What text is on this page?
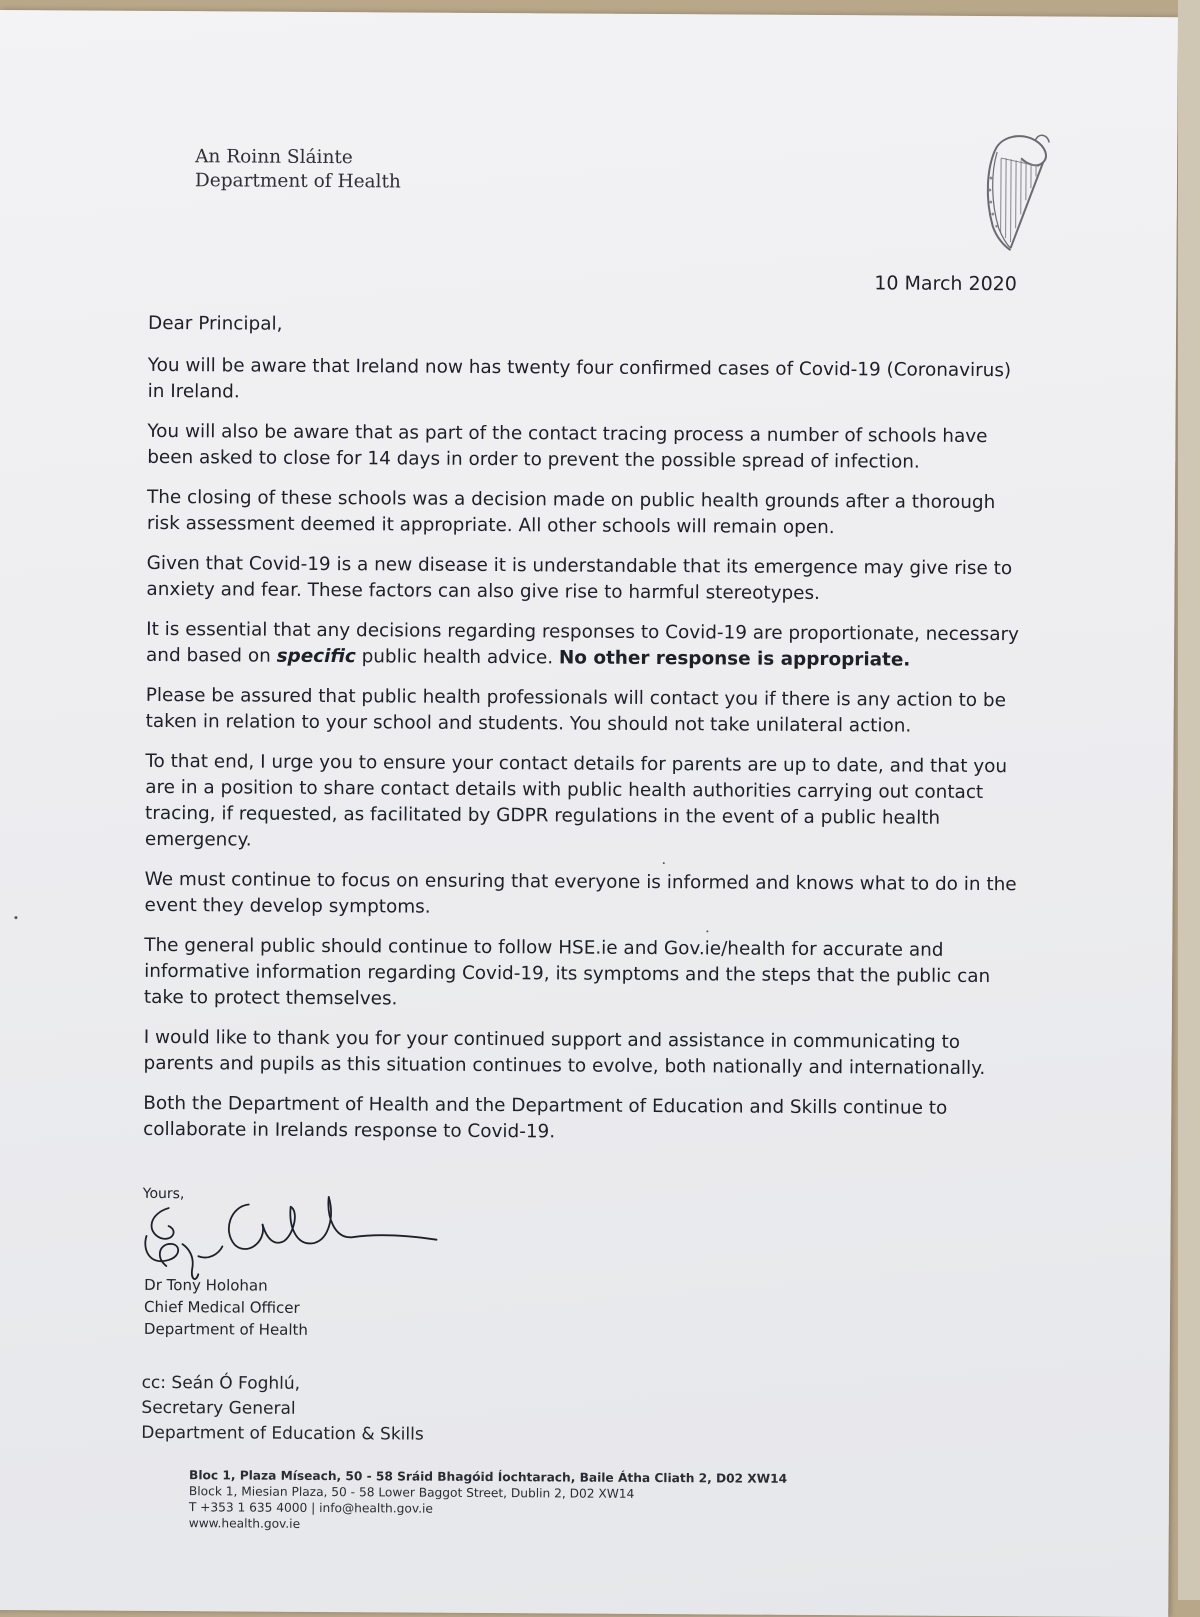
An Roinn Sláinte
Department of Health
10 March 2020

Dear Principal,

You will be aware that Ireland now has twenty four confirmed cases of Covid-19 (Coronavirus) in Ireland.

You will also be aware that as part of the contact tracing process a number of schools have been asked to close for 14 days in order to prevent the possible spread of infection.

The closing of these schools was a decision made on public health grounds after a thorough risk assessment deemed it appropriate. All other schools will remain open.

Given that Covid-19 is a new disease it is understandable that its emergence may give rise to anxiety and fear. These factors can also give rise to harmful stereotypes.

It is essential that any decisions regarding responses to Covid-19 are proportionate, necessary and based on specific public health advice. No other response is appropriate.

Please be assured that public health professionals will contact you if there is any action to be taken in relation to your school and students. You should not take unilateral action.

To that end, I urge you to ensure your contact details for parents are up to date, and that you are in a position to share contact details with public health authorities carrying out contact tracing, if requested, as facilitated by GDPR regulations in the event of a public health emergency.

We must continue to focus on ensuring that everyone is informed and knows what to do in the event they develop symptoms.

The general public should continue to follow HSE.ie and Gov.ie/health for accurate and informative information regarding Covid-19, its symptoms and the steps that the public can take to protect themselves.

I would like to thank you for your continued support and assistance in communicating to parents and pupils as this situation continues to evolve, both nationally and internationally.

Both the Department of Health and the Department of Education and Skills continue to collaborate in Irelands response to Covid-19.

Yours,
Dr Tony Holohan
Chief Medical Officer
Department of Health
cc: Seán Ó Foghlú,
Secretary General
Department of Education & Skills
Bloc 1, Plaza Míseach, 50 - 58 Sráid Bhagóid Íochtarach, Baile Átha Cliath 2, D02 XW14
Block 1, Miesian Plaza, 50 - 58 Lower Baggot Street, Dublin 2, D02 XW14
T +353 1 635 4000 | info@health.gov.ie
www.health.gov.ie
